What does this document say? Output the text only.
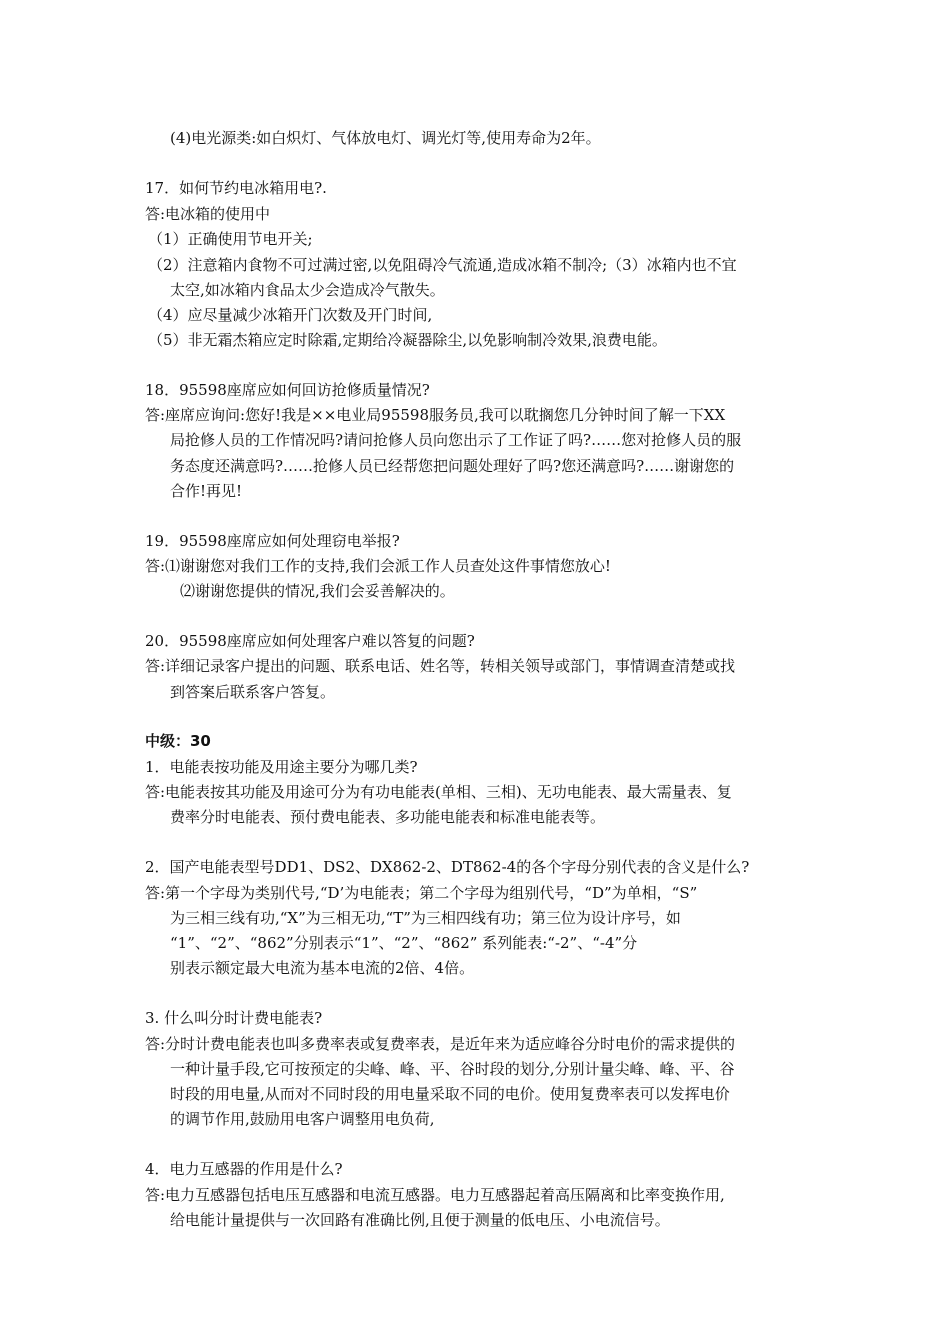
(4)电光源类:如白炽灯、气体放电灯、调光灯等,使用寿命为2年。
17．如何节约电冰箱用电?.
答:电冰箱的使用中
（1）正确使用节电开关;
（2）注意箱内食物不可过满过密,以免阻碍冷气流通,造成冰箱不制冷;（3）冰箱内也不宜
太空,如冰箱内食品太少会造成冷气散失。
（4）应尽量减少冰箱开门次数及开门时间,
（5）非无霜杰箱应定时除霜,定期给冷凝器除尘,以免影响制冷效果,浪费电能。
18．95598座席应如何回访抢修质量情况?
答:座席应询问:您好!我是××电业局95598服务员,我可以耽搁您几分钟时间了解一下XX
局抢修人员的工作情况吗?请问抢修人员向您出示了工作证了吗?……您对抢修人员的服
务态度还满意吗?……抢修人员已经帮您把问题处理好了吗?您还满意吗?……谢谢您的
合作!再见!
19．95598座席应如何处理窃电举报?
答:⑴谢谢您对我们工作的支持,我们会派工作人员查处这件事情您放心!
⑵谢谢您提供的情况,我们会妥善解决的。
20．95598座席应如何处理客户难以答复的问题?
答:详细记录客户提出的问题、联系电话、姓名等，转相关领导或部门，事情调查清楚或找
到答案后联系客户答复。
中级：30
1．电能表按功能及用途主要分为哪几类?
答:电能表按其功能及用途可分为有功电能表(单相、三相)、无功电能表、最大需量表、复
费率分时电能表、预付费电能表、多功能电能表和标准电能表等。
2．国产电能表型号DD1、DS2、DX862-2、DT862-4的各个字母分别代表的含义是什么?
答:第一个字母为类别代号,“D’为电能表；第二个字母为组别代号，“D”为单相，“S”
为三相三线有功,“X”为三相无功,“T”为三相四线有功；第三位为设计序号，如
“1”、“2”、“862”分别表示“1”、“2”、“862” 系列能表:“-2”、“-4”分
别表示额定最大电流为基本电流的2倍、4倍。
3. 什么叫分时计费电能表?
答:分时计费电能表也叫多费率表或复费率表，是近年来为适应峰谷分时电价的需求提供的
一种计量手段,它可按预定的尖峰、峰、平、谷时段的划分,分别计量尖峰、峰、平、谷
时段的用电量,从而对不同时段的用电量采取不同的电价。使用复费率表可以发挥电价
的调节作用,鼓励用电客户调整用电负荷,
4．电力互感器的作用是什么?
答:电力互感器包括电压互感器和电流互感器。电力互感器起着高压隔离和比率变换作用,
给电能计量提供与一次回路有准确比例,且便于测量的低电压、小电流信号。
